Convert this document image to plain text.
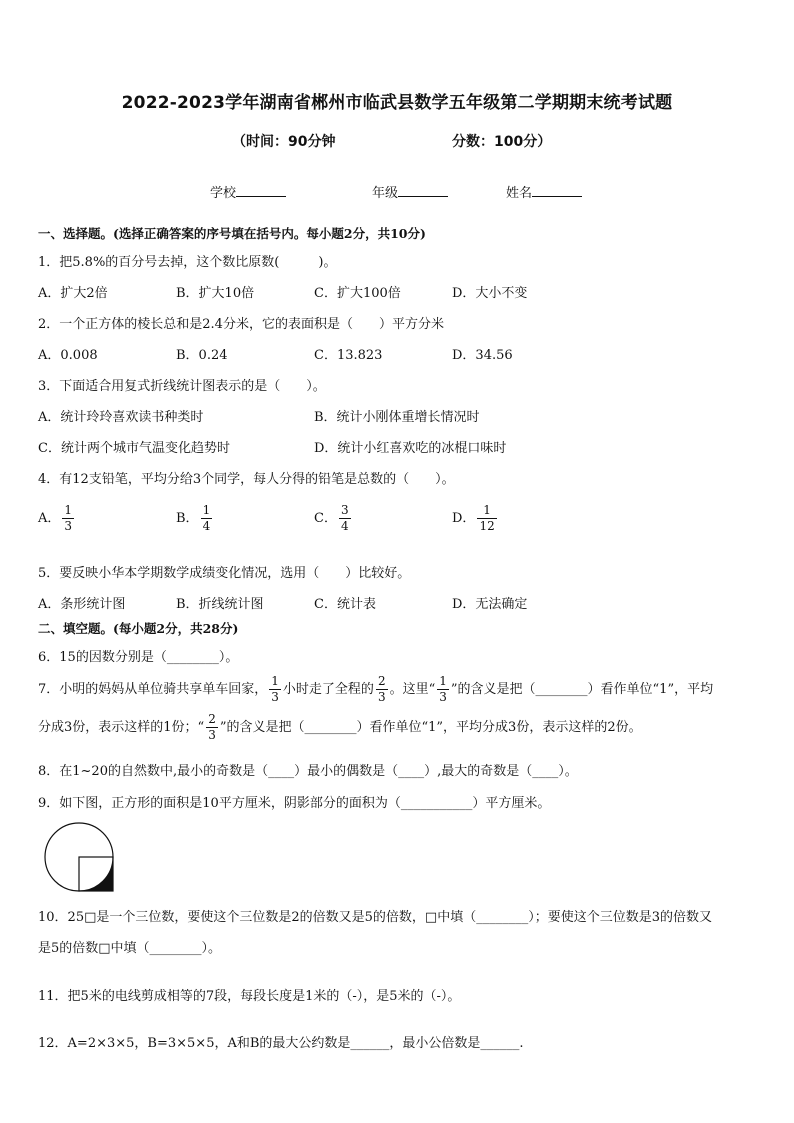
2022-2023学年湖南省郴州市临武县数学五年级第二学期期末统考试题
（时间：90分钟	分数：100分）
学校	年级	姓名
一、选择题。(选择正确答案的序号填在括号内。每小题2分，共10分)
1．把5.8%的百分号去掉，这个数比原数(　　　)。
A．扩大2倍	B．扩大10倍	C．扩大100倍	D．大小不变
2．一个正方体的棱长总和是2.4分米，它的表面积是（　　）平方分米
A．0.008	B．0.24	C．13.823	D．34.56
3．下面适合用复式折线统计图表示的是（　　）。
A．统计玲玲喜欢读书种类时	B．统计小刚体重增长情况时
C．统计两个城市气温变化趋势时	D．统计小红喜欢吃的冰棍口味时
4．有12支铅笔，平均分给3个同学，每人分得的铅笔是总数的（　　）。
A． $\frac{1}{3}$	B． $\frac{1}{4}$	C． $\frac{3}{4}$	D． $\frac{1}{12}$
5．要反映小华本学期数学成绩变化情况，选用（　　）比较好。
A．条形统计图	B．折线统计图	C．统计表	D．无法确定
二、填空题。(每小题2分，共28分)
6．15的因数分别是（________）。
7．小明的妈妈从单位骑共享单车回家， $\frac{1}{3}$ 小时走了全程的 $\frac{2}{3}$ 。这里“ $\frac{1}{3}$ ”的含义是把（________）看作单位“1”，平均
分成3份，表示这样的1份；“ $\frac{2}{3}$ ”的含义是把（________）看作单位“1”，平均分成3份，表示这样的2份。
8．在1~20的自然数中,最小的奇数是（____）最小的偶数是（____）,最大的奇数是（____）。
9．如下图，正方形的面积是10平方厘米，阴影部分的面积为（___________）平方厘米。
10．25□是一个三位数，要使这个三位数是2的倍数又是5的倍数，□中填（________）；要使这个三位数是3的倍数又
是5的倍数□中填（________）。
11．把5米的电线剪成相等的7段，每段长度是1米的（-），是5米的（-）。
12．A=2×3×5，B=3×5×5，A和B的最大公约数是______，最小公倍数是______.
